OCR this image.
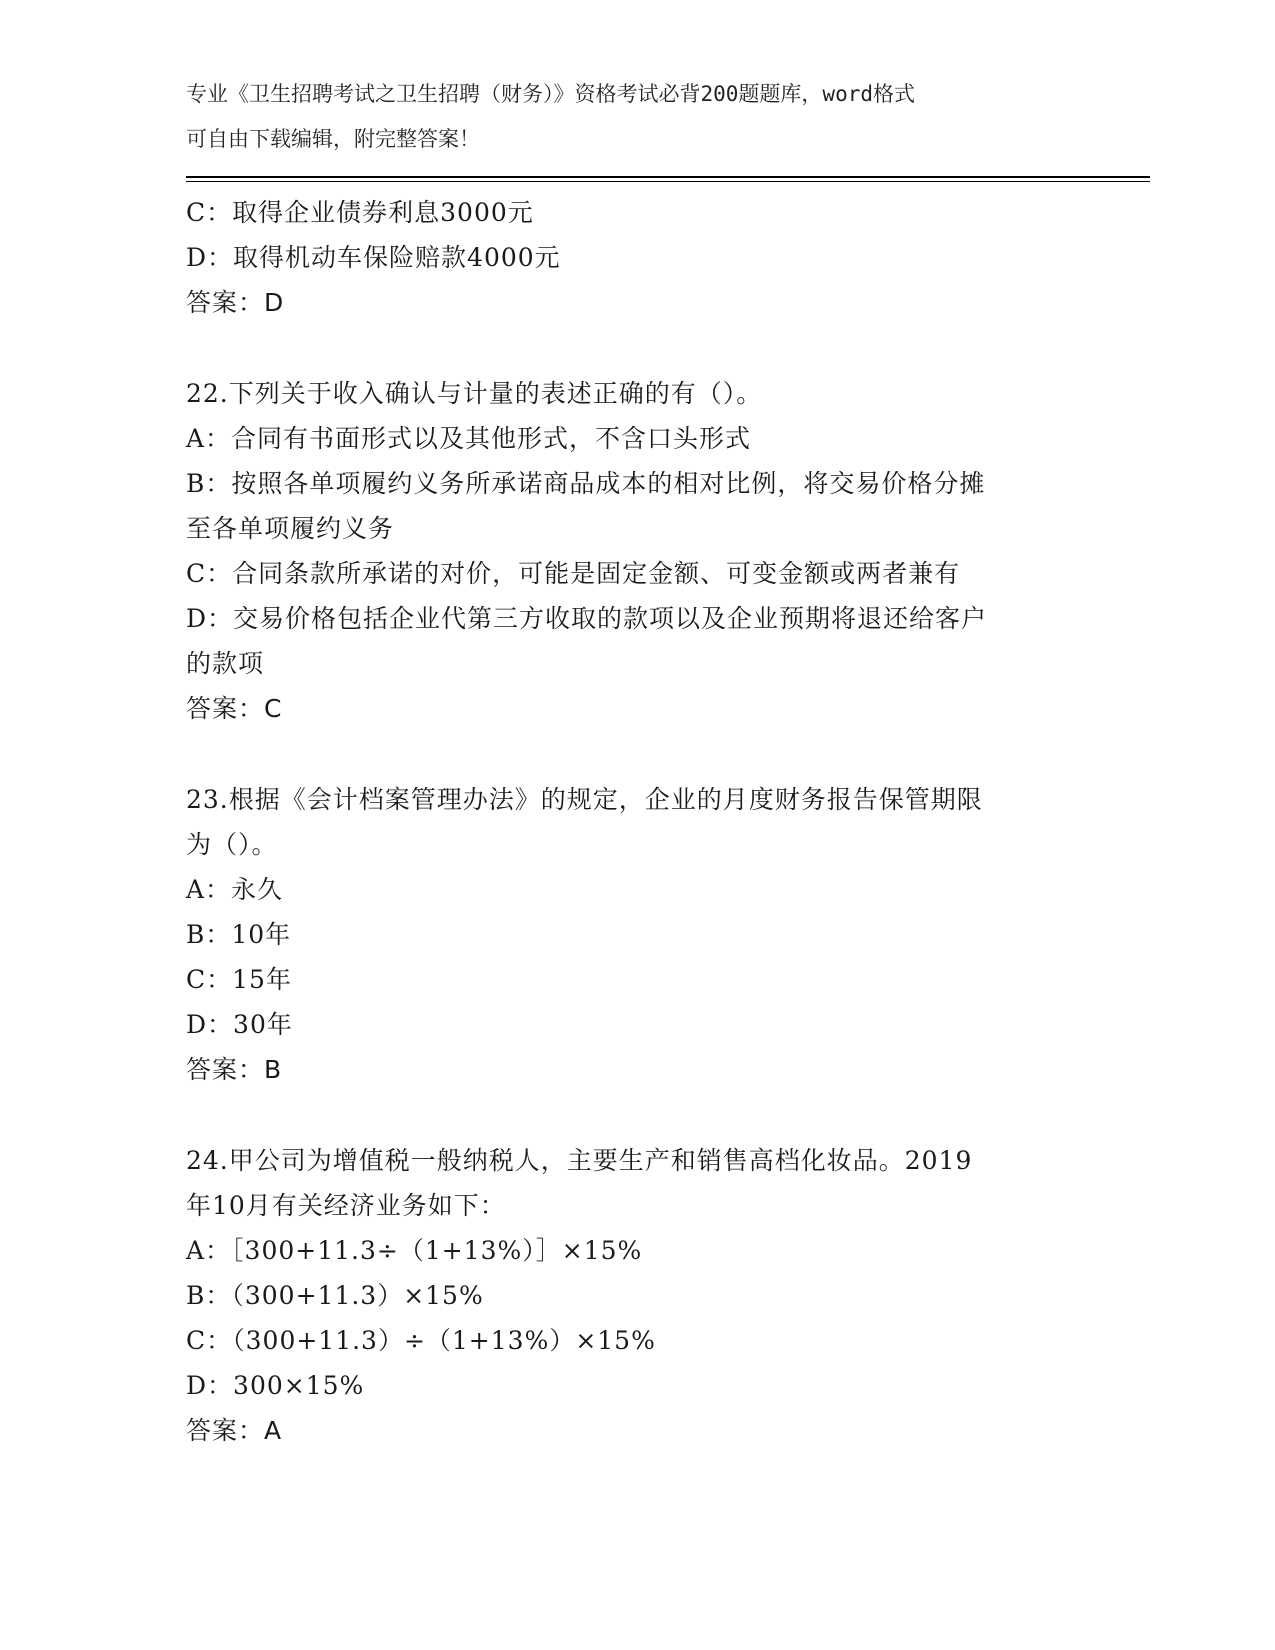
专业《卫生招聘考试之卫生招聘（财务）》资格考试必背200题题库，word格式
可自由下载编辑，附完整答案！
C：取得企业债券利息3000元
D：取得机动车保险赔款4000元
答案：D
22.下列关于收入确认与计量的表述正确的有（）。
A：合同有书面形式以及其他形式，不含口头形式
B：按照各单项履约义务所承诺商品成本的相对比例，将交易价格分摊
至各单项履约义务
C：合同条款所承诺的对价，可能是固定金额、可变金额或两者兼有
D：交易价格包括企业代第三方收取的款项以及企业预期将退还给客户
的款项
答案：C
23.根据《会计档案管理办法》的规定，企业的月度财务报告保管期限
为（）。
A：永久
B：10年
C：15年
D：30年
答案：B
24.甲公司为增值税一般纳税人，主要生产和销售高档化妆品。2019
年10月有关经济业务如下：
A：［300+11.3÷（1+13%）］×15%
B：（300+11.3）×15%
C：（300+11.3）÷（1+13%）×15%
D：300×15%
答案：A
